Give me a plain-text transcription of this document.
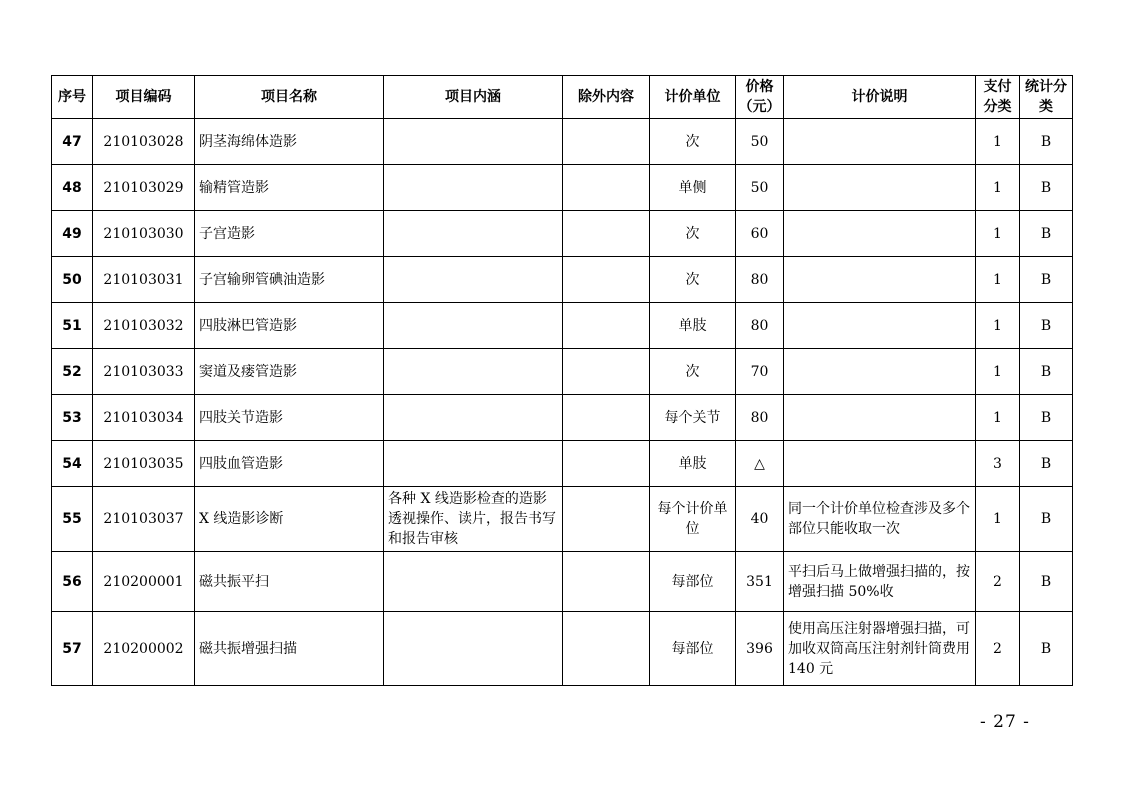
序号	项目编码	项目名称	项目内涵	除外内容	计价单位	价格（元）	计价说明	支付分类	统计分类
47	210103028	阴茎海绵体造影			次	50		1	B
48	210103029	输精管造影			单侧	50		1	B
49	210103030	子宫造影			次	60		1	B
50	210103031	子宫输卵管碘油造影			次	80		1	B
51	210103032	四肢淋巴管造影			单肢	80		1	B
52	210103033	窦道及瘘管造影			次	70		1	B
53	210103034	四肢关节造影			每个关节	80		1	B
54	210103035	四肢血管造影			单肢	△		3	B
55	210103037	X 线造影诊断	各种 X 线造影检查的造影透视操作、读片，报告书写和报告审核		每个计价单位	40	同一个计价单位检查涉及多个部位只能收取一次	1	B
56	210200001	磁共振平扫			每部位	351	平扫后马上做增强扫描的，按增强扫描 50%收	2	B
57	210200002	磁共振增强扫描			每部位	396	使用高压注射器增强扫描，可加收双筒高压注射剂针筒费用 140 元	2	B
- 27 -
